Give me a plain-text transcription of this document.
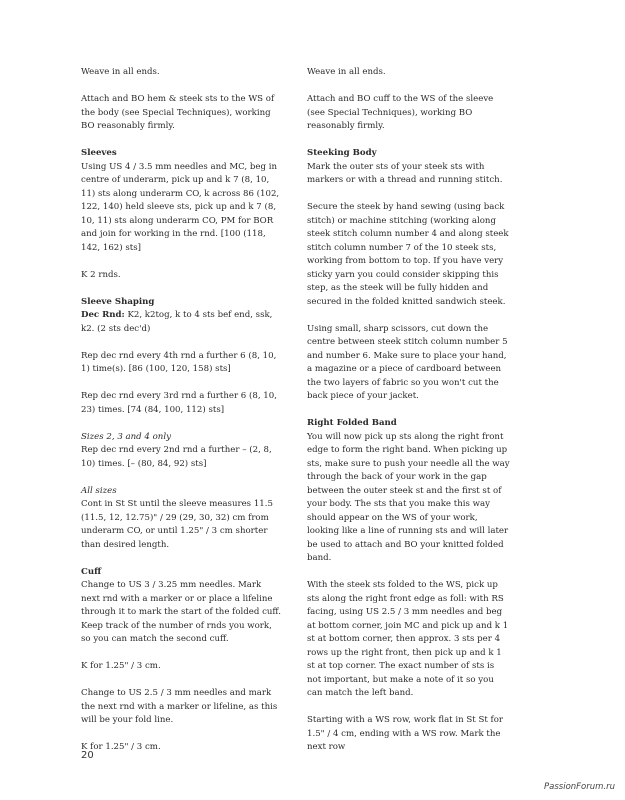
Weave in all ends.

Attach and BO hem & steek sts to the WS of the body (see Special Techniques), working BO reasonably firmly.

Sleeves

Using US 4 / 3.5 mm needles and MC, beg in centre of underarm, pick up and k 7 (8, 10, 11) sts along underarm CO, k across 86 (102, 122, 140) held sleeve sts, pick up and k 7 (8, 10, 11) sts along underarm CO, PM for BOR and join for working in the rnd. [100 (118, 142, 162) sts]

K 2 rnds.

Sleeve Shaping

Dec Rnd: K2, k2tog, k to 4 sts bef end, ssk, k2. (2 sts dec'd)

Rep dec rnd every 4th rnd a further 6 (8, 10, 1) time(s). [86 (100, 120, 158) sts]

Rep dec rnd every 3rd rnd a further 6 (8, 10, 23) times. [74 (84, 100, 112) sts]

Sizes 2, 3 and 4 only

Rep dec rnd every 2nd rnd a further – (2, 8, 10) times. [– (80, 84, 92) sts]

All sizes

Cont in St St until the sleeve measures 11.5 (11.5, 12, 12.75)" / 29 (29, 30, 32) cm from underarm CO, or until 1.25" / 3 cm shorter than desired length.

Cuff

Change to US 3 / 3.25 mm needles. Mark next rnd with a marker or or place a lifeline through it to mark the start of the folded cuff. Keep track of the number of rnds you work, so you can match the second cuff.

K for 1.25" / 3 cm.

Change to US 2.5 / 3 mm needles and mark the next rnd with a marker or lifeline, as this will be your fold line.

K for 1.25" / 3 cm.

Weave in all ends.

Attach and BO cuff to the WS of the sleeve (see Special Techniques), working BO reasonably firmly.

Steeking Body

Mark the outer sts of your steek sts with markers or with a thread and running stitch.

Secure the steek by hand sewing (using back stitch) or machine stitching (working along steek stitch column number 4 and along steek stitch column number 7 of the 10 steek sts, working from bottom to top. If you have very sticky yarn you could consider skipping this step, as the steek will be fully hidden and secured in the folded knitted sandwich steek.

Using small, sharp scissors, cut down the centre between steek stitch column number 5 and number 6. Make sure to place your hand, a magazine or a piece of cardboard between the two layers of fabric so you won't cut the back piece of your jacket.

Right Folded Band

You will now pick up sts along the right front edge to form the right band. When picking up sts, make sure to push your needle all the way through the back of your work in the gap between the outer steek st and the first st of your body. The sts that you make this way should appear on the WS of your work, looking like a line of running sts and will later be used to attach and BO your knitted folded band.

With the steek sts folded to the WS, pick up sts along the right front edge as foll: with RS facing, using US 2.5 / 3 mm needles and beg at bottom corner, join MC and pick up and k 1 st at bottom corner, then approx. 3 sts per 4 rows up the right front, then pick up and k 1 st at top corner. The exact number of sts is not important, but make a note of it so you can match the left band.

Starting with a WS row, work flat in St St for 1.5" / 4 cm, ending with a WS row. Mark the next row

20
PassionForum.ru
